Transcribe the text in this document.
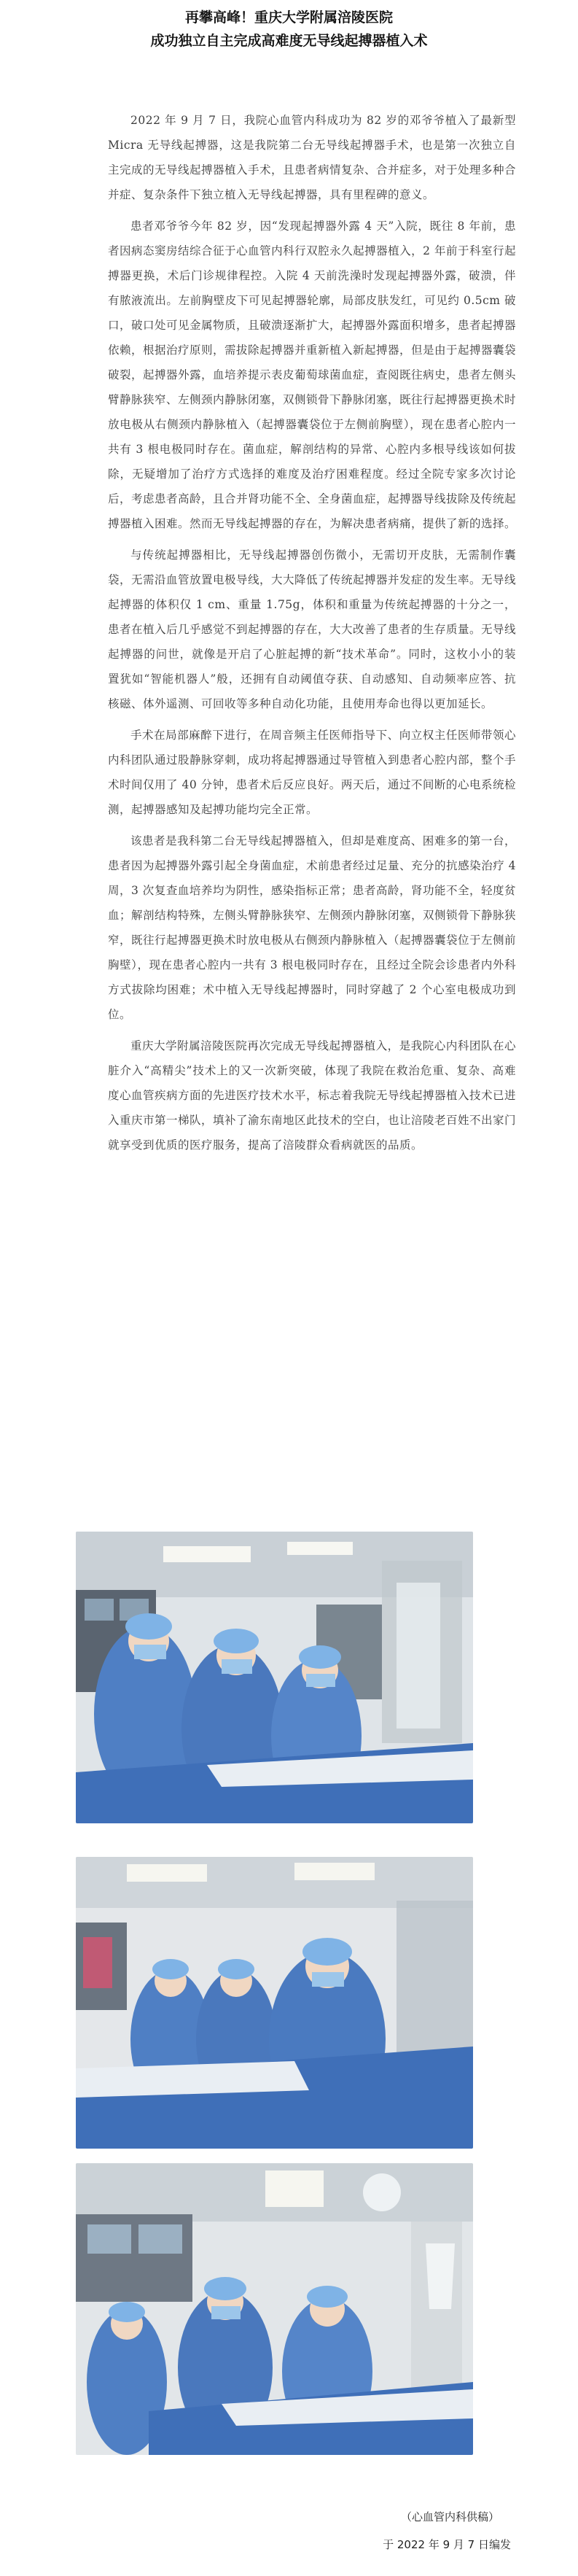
再攀高峰！重庆大学附属涪陵医院
成功独立自主完成高难度无导线起搏器植入术

2022 年 9 月 7 日，我院心血管内科成功为 82 岁的邓爷爷植入了最新型 Micra 无导线起搏器，这是我院第二台无导线起搏器手术，也是第一次独立自主完成的无导线起搏器植入手术，且患者病情复杂、合并症多，对于处理多种合并症、复杂条件下独立植入无导线起搏器，具有里程碑的意义。

患者邓爷爷今年 82 岁，因“发现起搏器外露 4 天”入院，既往 8 年前，患者因病态窦房结综合征于心血管内科行双腔永久起搏器植入，2 年前于科室行起搏器更换，术后门诊规律程控。入院 4 天前洗澡时发现起搏器外露，破溃，伴有脓液流出。左前胸壁皮下可见起搏器轮廓，局部皮肤发红，可见约 0.5cm 破口，破口处可见金属物质，且破溃逐渐扩大，起搏器外露面积增多，患者起搏器依赖，根据治疗原则，需拔除起搏器并重新植入新起搏器，但是由于起搏器囊袋破裂，起搏器外露，血培养提示表皮葡萄球菌血症，查阅既往病史，患者左侧头臂静脉狭窄、左侧颈内静脉闭塞，双侧锁骨下静脉闭塞，既往行起搏器更换术时放电极从右侧颈内静脉植入（起搏器囊袋位于左侧前胸壁），现在患者心腔内一共有 3 根电极同时存在。菌血症，解剖结构的异常、心腔内多根导线该如何拔除，无疑增加了治疗方式选择的难度及治疗困难程度。经过全院专家多次讨论后，考虑患者高龄，且合并肾功能不全、全身菌血症，起搏器导线拔除及传统起搏器植入困难。然而无导线起搏器的存在，为解决患者病痛，提供了新的选择。

与传统起搏器相比，无导线起搏器创伤微小，无需切开皮肤，无需制作囊袋，无需沿血管放置电极导线，大大降低了传统起搏器并发症的发生率。无导线起搏器的体积仅 1 cm、重量 1.75g，体积和重量为传统起搏器的十分之一，患者在植入后几乎感觉不到起搏器的存在，大大改善了患者的生存质量。无导线起搏器的问世，就像是开启了心脏起搏的新“技术革命”。同时，这枚小小的装置犹如“智能机器人”般，还拥有自动阈值夺获、自动感知、自动频率应答、抗核磁、体外遥测、可回收等多种自动化功能，且使用寿命也得以更加延长。

手术在局部麻醉下进行，在周音频主任医师指导下、向立权主任医师带领心内科团队通过股静脉穿刺，成功将起搏器通过导管植入到患者心腔内部，整个手术时间仅用了 40 分钟，患者术后反应良好。两天后，通过不间断的心电系统检测，起搏器感知及起搏功能均完全正常。

该患者是我科第二台无导线起搏器植入，但却是难度高、困难多的第一台，患者因为起搏器外露引起全身菌血症，术前患者经过足量、充分的抗感染治疗 4 周，3 次复查血培养均为阴性，感染指标正常；患者高龄，肾功能不全，轻度贫血；解剖结构特殊，左侧头臂静脉狭窄、左侧颈内静脉闭塞，双侧锁骨下静脉狭窄，既往行起搏器更换术时放电极从右侧颈内静脉植入（起搏器囊袋位于左侧前胸壁），现在患者心腔内一共有 3 根电极同时存在，且经过全院会诊患者内外科方式拔除均困难；术中植入无导线起搏器时，同时穿越了 2 个心室电极成功到位。

重庆大学附属涪陵医院再次完成无导线起搏器植入，是我院心内科团队在心脏介入“高精尖”技术上的又一次新突破，体现了我院在救治危重、复杂、高难度心血管疾病方面的先进医疗技术水平，标志着我院无导线起搏器植入技术已进入重庆市第一梯队，填补了渝东南地区此技术的空白，也让涪陵老百姓不出家门就享受到优质的医疗服务，提高了涪陵群众看病就医的品质。

（心血管内科供稿）
于 2022 年 9 月 7 日编发
